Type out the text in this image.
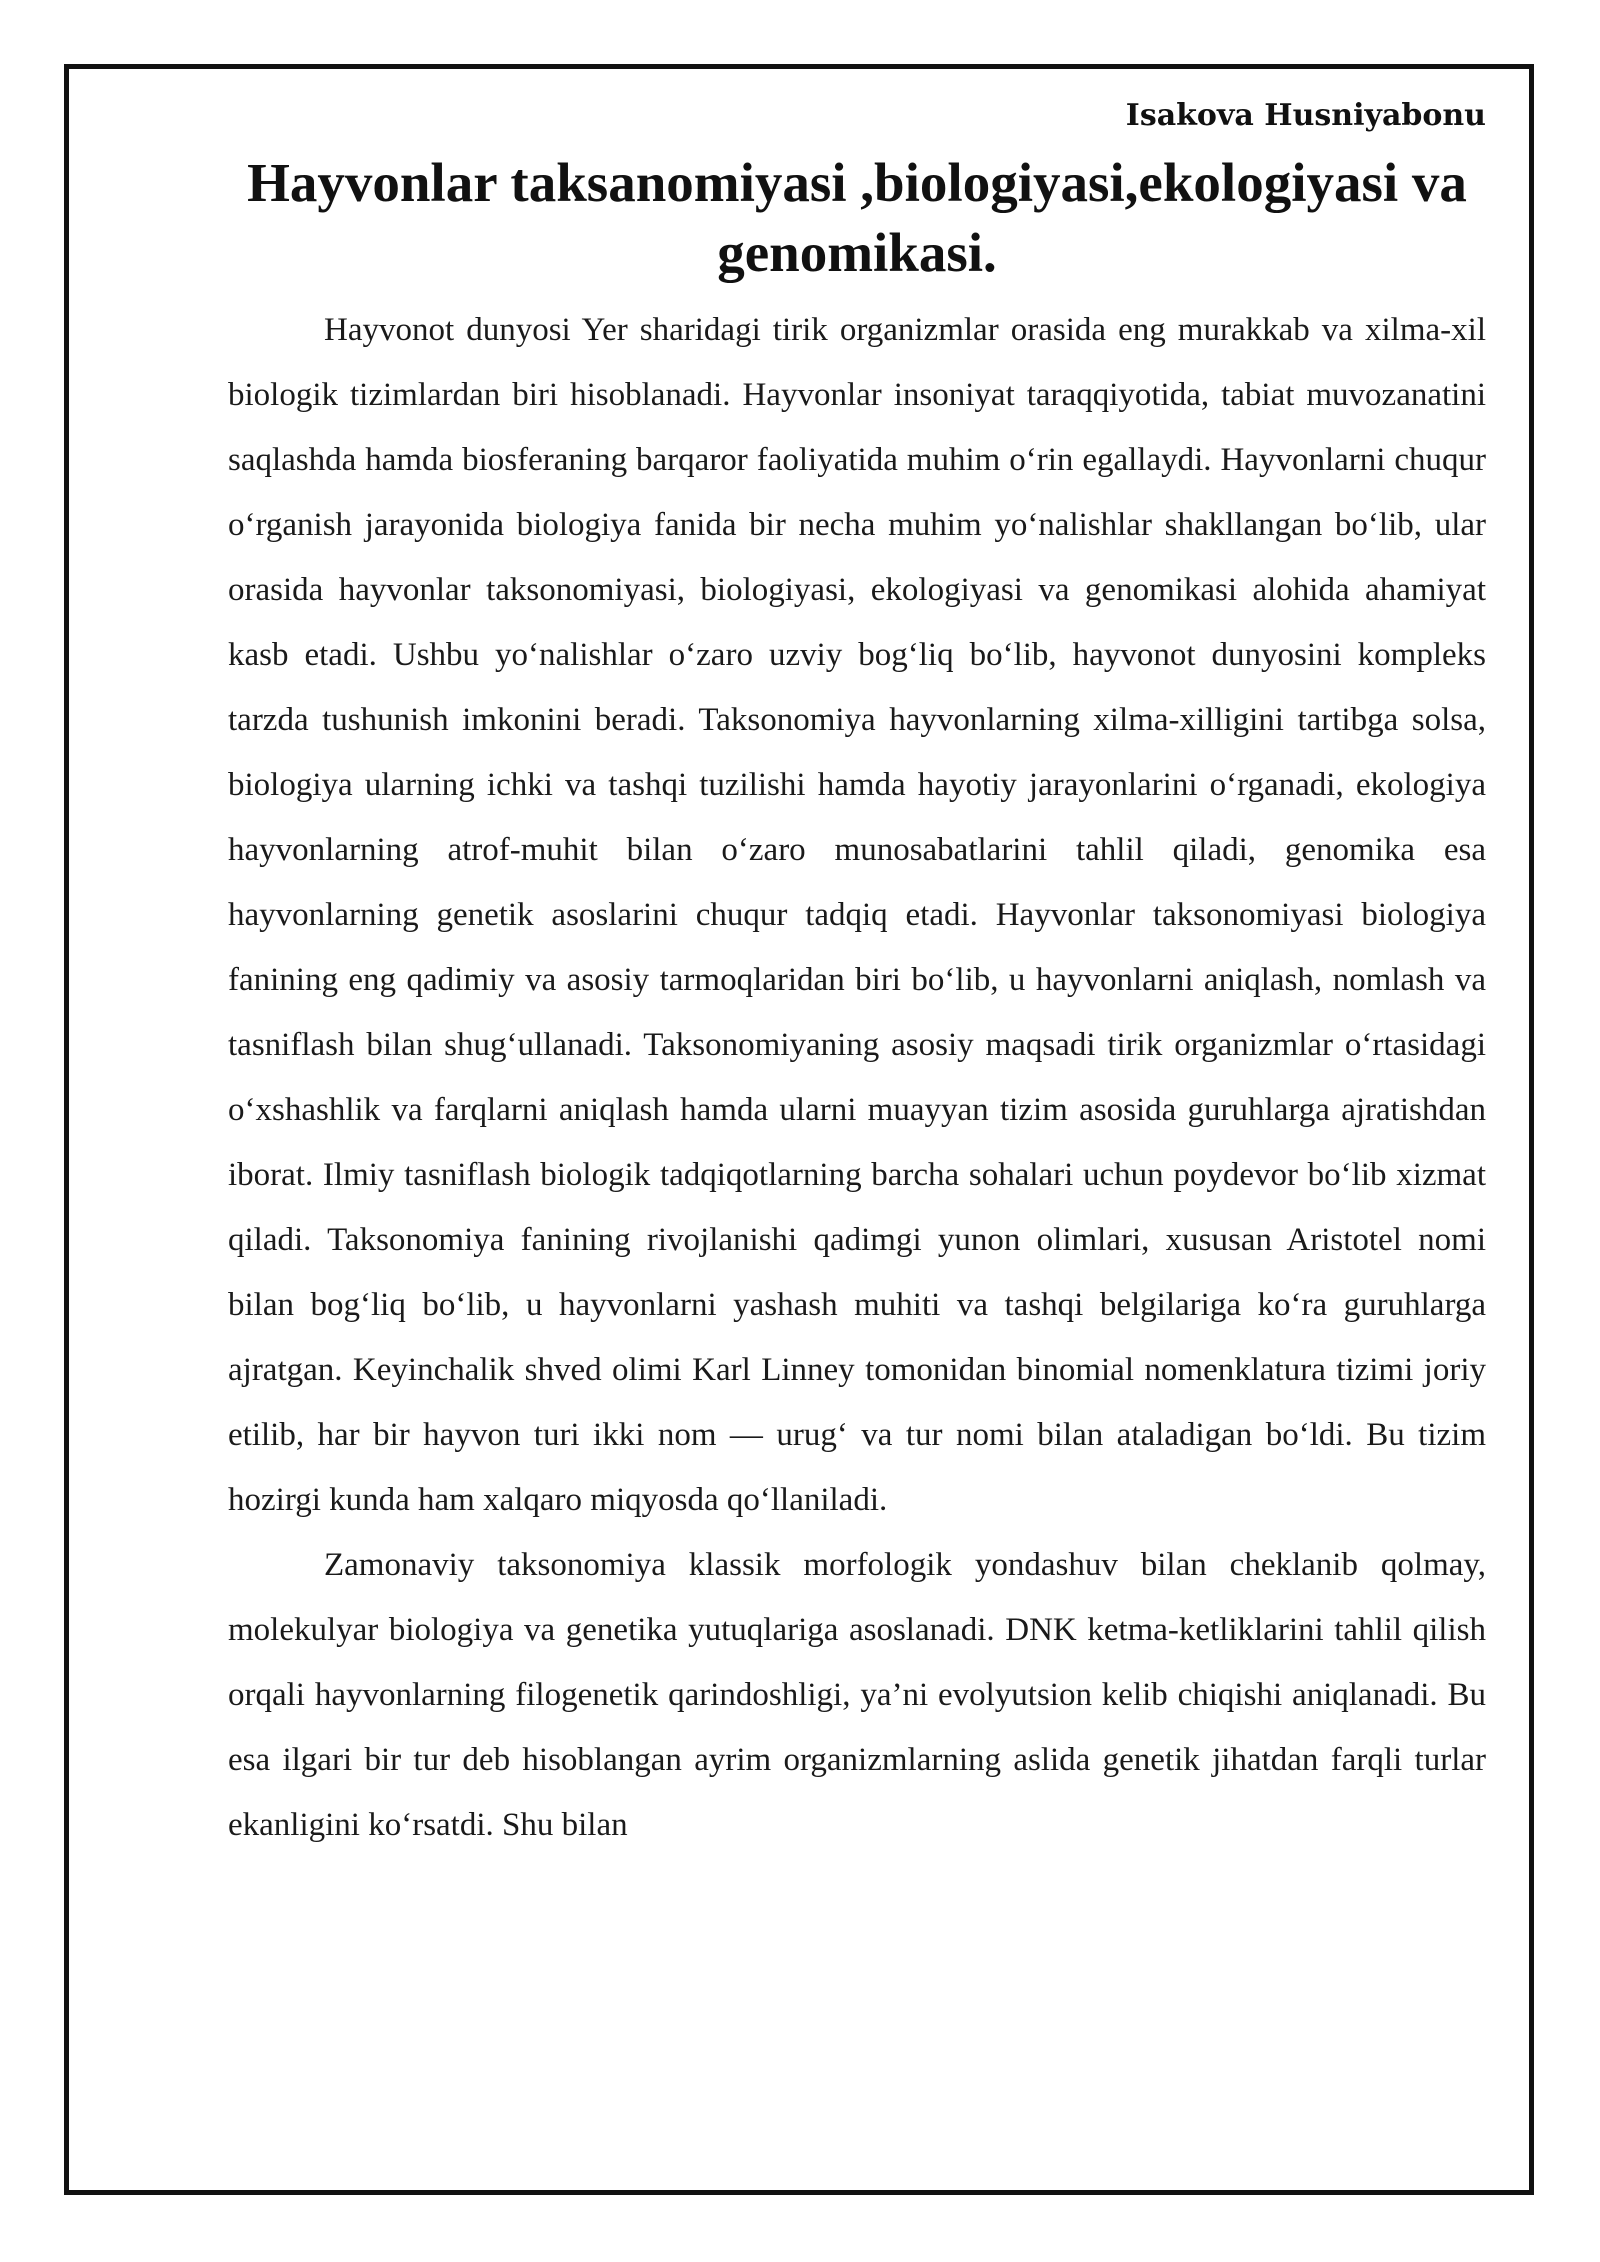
Isakova Husniyabonu

Hayvonlar taksanomiyasi ,biologiyasi,ekologiyasi va genomikasi.

Hayvonot dunyosi Yer sharidagi tirik organizmlar orasida eng murakkab va xilma-xil biologik tizimlardan biri hisoblanadi. Hayvonlar insoniyat taraqqiyotida, tabiat muvozanatini saqlashda hamda biosferaning barqaror faoliyatida muhim o‘rin egallaydi. Hayvonlarni chuqur o‘rganish jarayonida biologiya fanida bir necha muhim yo‘nalishlar shakllangan bo‘lib, ular orasida hayvonlar taksonomiyasi, biologiyasi, ekologiyasi va genomikasi alohida ahamiyat kasb etadi. Ushbu yo‘nalishlar o‘zaro uzviy bog‘liq bo‘lib, hayvonot dunyosini kompleks tarzda tushunish imkonini beradi. Taksonomiya hayvonlarning xilma-xilligini tartibga solsa, biologiya ularning ichki va tashqi tuzilishi hamda hayotiy jarayonlarini o‘rganadi, ekologiya hayvonlarning atrof-muhit bilan o‘zaro munosabatlarini tahlil qiladi, genomika esa hayvonlarning genetik asoslarini chuqur tadqiq etadi. Hayvonlar taksonomiyasi biologiya fanining eng qadimiy va asosiy tarmoqlaridan biri bo‘lib, u hayvonlarni aniqlash, nomlash va tasniflash bilan shug‘ullanadi. Taksonomiyaning asosiy maqsadi tirik organizmlar o‘rtasidagi o‘xshashlik va farqlarni aniqlash hamda ularni muayyan tizim asosida guruhlarga ajratishdan iborat. Ilmiy tasniflash biologik tadqiqotlarning barcha sohalari uchun poydevor bo‘lib xizmat qiladi. Taksonomiya fanining rivojlanishi qadimgi yunon olimlari, xususan Aristotel nomi bilan bog‘liq bo‘lib, u hayvonlarni yashash muhiti va tashqi belgilariga ko‘ra guruhlarga ajratgan. Keyinchalik shved olimi Karl Linney tomonidan binomial nomenklatura tizimi joriy etilib, har bir hayvon turi ikki nom — urug‘ va tur nomi bilan ataladigan bo‘ldi. Bu tizim hozirgi kunda ham xalqaro miqyosda qo‘llaniladi.

Zamonaviy taksonomiya klassik morfologik yondashuv bilan cheklanib qolmay, molekulyar biologiya va genetika yutuqlariga asoslanadi. DNK ketma-ketliklarini tahlil qilish orqali hayvonlarning filogenetik qarindoshligi, ya’ni evolyutsion kelib chiqishi aniqlanadi. Bu esa ilgari bir tur deb hisoblangan ayrim organizmlarning aslida genetik jihatdan farqli turlar ekanligini ko‘rsatdi. Shu bilan
